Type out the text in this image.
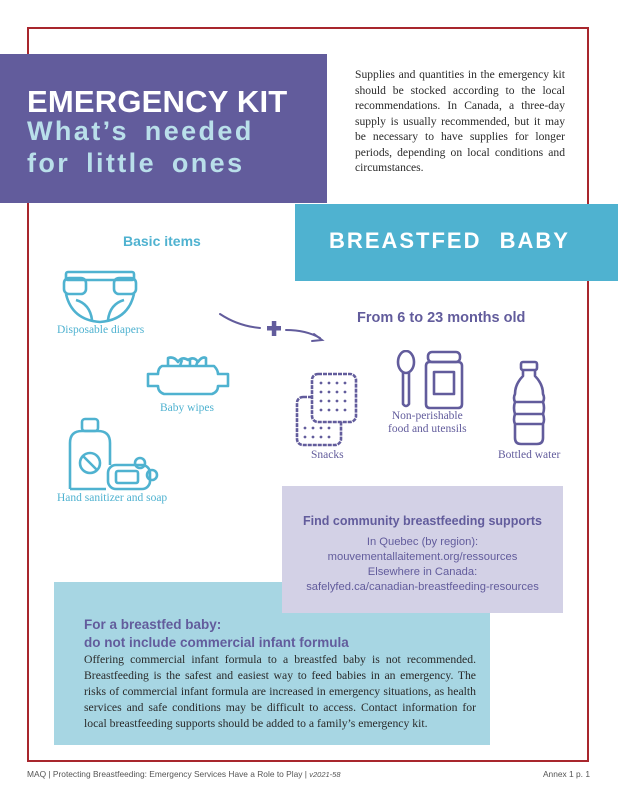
EMERGENCY KIT
What’s needed
for little ones
Supplies and quantities in the emergency kit should be stocked according to the local recommendations. In Canada, a three-day supply is usually recommended, but it may be necessary to have supplies for longer periods, depending on local conditions and circumstances.
BREASTFED BABY
Basic items
Disposable diapers
Baby wipes
Hand sanitizer and soap
From 6 to 23 months old
Snacks
Non-perishable
food and utensils
Bottled water
Find community breastfeeding supports
In Quebec (by region):
mouvementallaitement.org/ressources
Elsewhere in Canada:
safelyfed.ca/canadian-breastfeeding-resources
For a breastfed baby:
do not include commercial infant formula
Offering commercial infant formula to a breastfed baby is not recommended. Breastfeeding is the safest and easiest way to feed babies in an emergency. The risks of commercial infant formula are increased in emergency situations, as health services and safe conditions may be difficult to access. Contact information for local breastfeeding supports should be added to a family’s emergency kit.
MAQ | Protecting Breastfeeding: Emergency Services Have a Role to Play | v2021-58	Annex 1 p. 1
